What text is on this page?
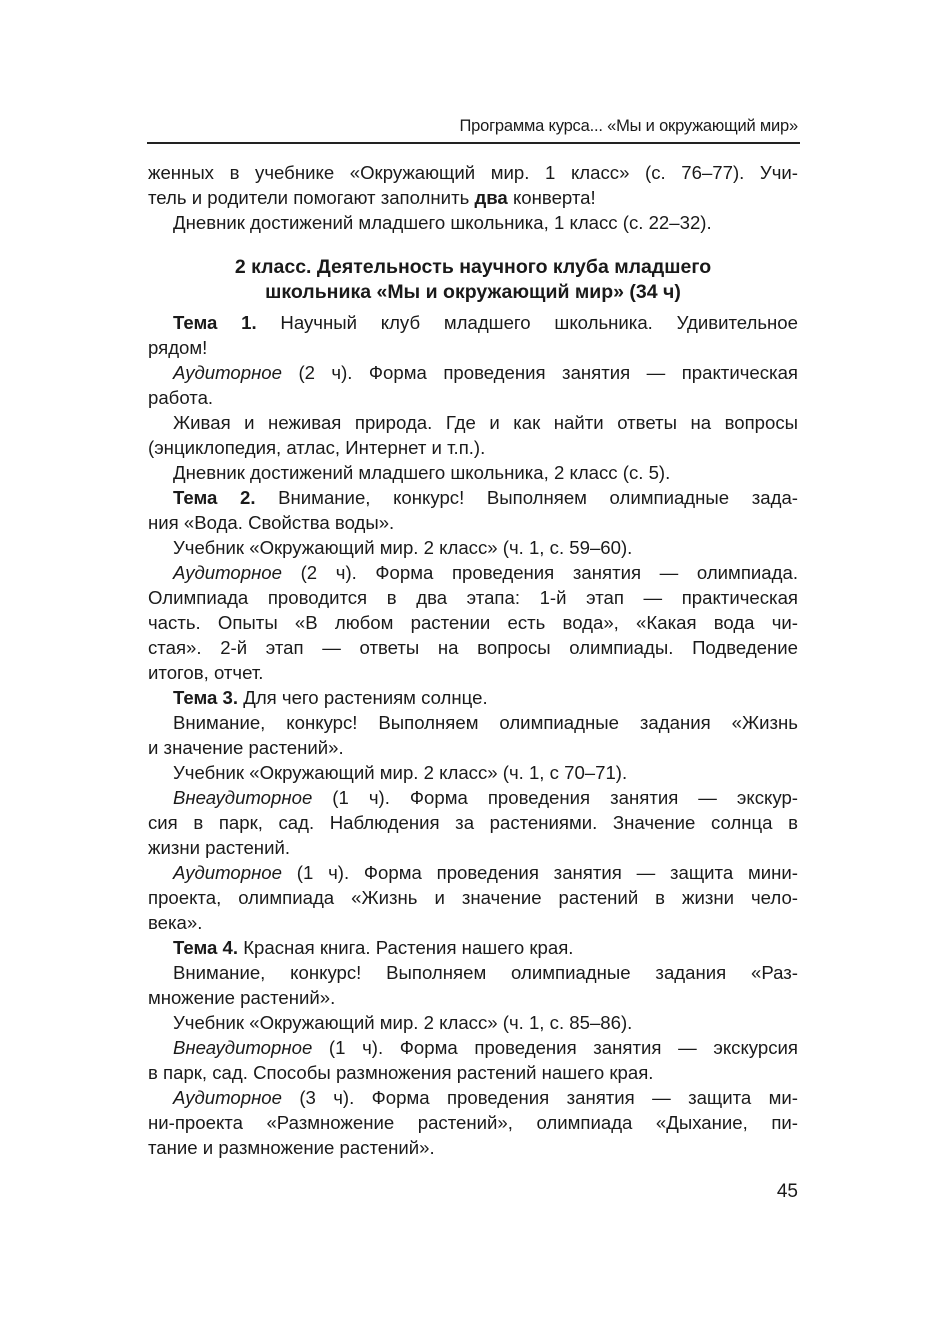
Программа курса... «Мы и окружающий мир»
женных в учебнике «Окружающий мир. 1 класс» (с. 76–77). Учи-
тель и родители помогают заполнить два конверта!
Дневник достижений младшего школьника, 1 класс (с. 22–32).
2 класс. Деятельность научного клуба младшего
школьника «Мы и окружающий мир» (34 ч)
Тема 1. Научный клуб младшего школьника. Удивительное
рядом!
Аудиторное (2 ч). Форма проведения занятия — практическая
работа.
Живая и неживая природа. Где и как найти ответы на вопросы
(энциклопедия, атлас, Интернет и т.п.).
Дневник достижений младшего школьника, 2 класс (с. 5).
Тема 2. Внимание, конкурс! Выполняем олимпиадные зада-
ния «Вода. Свойства воды».
Учебник «Окружающий мир. 2 класс» (ч. 1, с. 59–60).
Аудиторное (2 ч). Форма проведения занятия — олимпиада.
Олимпиада проводится в два этапа: 1-й этап — практическая
часть. Опыты «В любом растении есть вода», «Какая вода чи-
стая». 2-й этап — ответы на вопросы олимпиады. Подведение
итогов, отчет.
Тема 3. Для чего растениям солнце.
Внимание, конкурс! Выполняем олимпиадные задания «Жизнь
и значение растений».
Учебник «Окружающий мир. 2 класс» (ч. 1, с 70–71).
Внеаудиторное (1 ч). Форма проведения занятия — экскур-
сия в парк, сад. Наблюдения за растениями. Значение солнца в
жизни растений.
Аудиторное (1 ч). Форма проведения занятия — защита мини-
проекта, олимпиада «Жизнь и значение растений в жизни чело-
века».
Тема 4. Красная книга. Растения нашего края.
Внимание, конкурс! Выполняем олимпиадные задания «Раз-
множение растений».
Учебник «Окружающий мир. 2 класс» (ч. 1, с. 85–86).
Внеаудиторное (1 ч). Форма проведения занятия — экскурсия
в парк, сад. Способы размножения растений нашего края.
Аудиторное (3 ч). Форма проведения занятия — защита ми-
ни-проекта «Размножение растений», олимпиада «Дыхание, пи-
тание и размножение растений».
45
